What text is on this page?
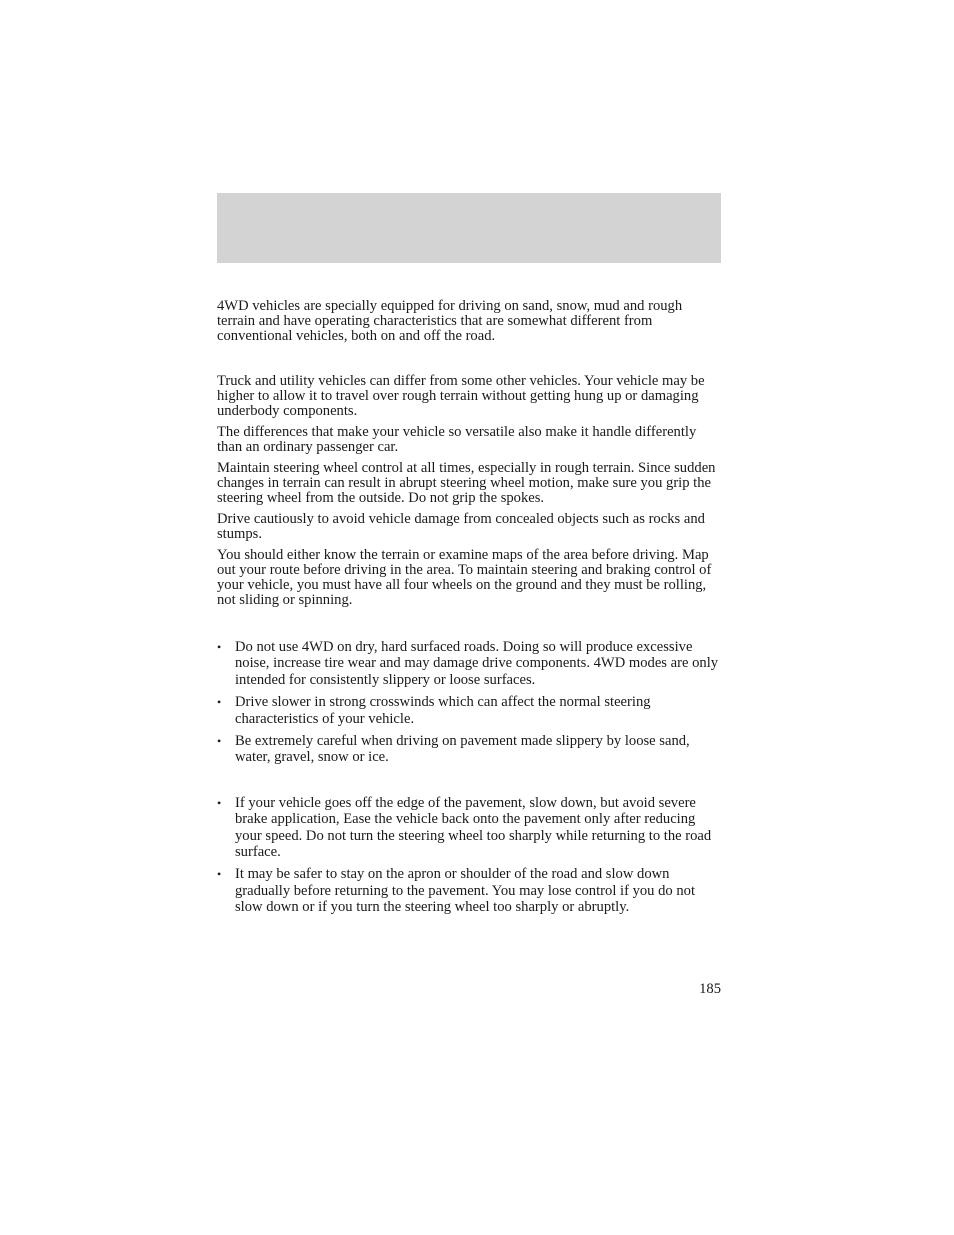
4WD vehicles are specially equipped for driving on sand, snow, mud and rough terrain and have operating characteristics that are somewhat different from conventional vehicles, both on and off the road.

Truck and utility vehicles can differ from some other vehicles. Your vehicle may be higher to allow it to travel over rough terrain without getting hung up or damaging underbody components.

The differences that make your vehicle so versatile also make it handle differently than an ordinary passenger car.

Maintain steering wheel control at all times, especially in rough terrain. Since sudden changes in terrain can result in abrupt steering wheel motion, make sure you grip the steering wheel from the outside. Do not grip the spokes.

Drive cautiously to avoid vehicle damage from concealed objects such as rocks and stumps.

You should either know the terrain or examine maps of the area before driving. Map out your route before driving in the area. To maintain steering and braking control of your vehicle, you must have all four wheels on the ground and they must be rolling, not sliding or spinning.

• Do not use 4WD on dry, hard surfaced roads. Doing so will produce excessive noise, increase tire wear and may damage drive components. 4WD modes are only intended for consistently slippery or loose surfaces.
• Drive slower in strong crosswinds which can affect the normal steering characteristics of your vehicle.
• Be extremely careful when driving on pavement made slippery by loose sand, water, gravel, snow or ice.
• If your vehicle goes off the edge of the pavement, slow down, but avoid severe brake application, Ease the vehicle back onto the pavement only after reducing your speed. Do not turn the steering wheel too sharply while returning to the road surface.
• It may be safer to stay on the apron or shoulder of the road and slow down gradually before returning to the pavement. You may lose control if you do not slow down or if you turn the steering wheel too sharply or abruptly.
185
